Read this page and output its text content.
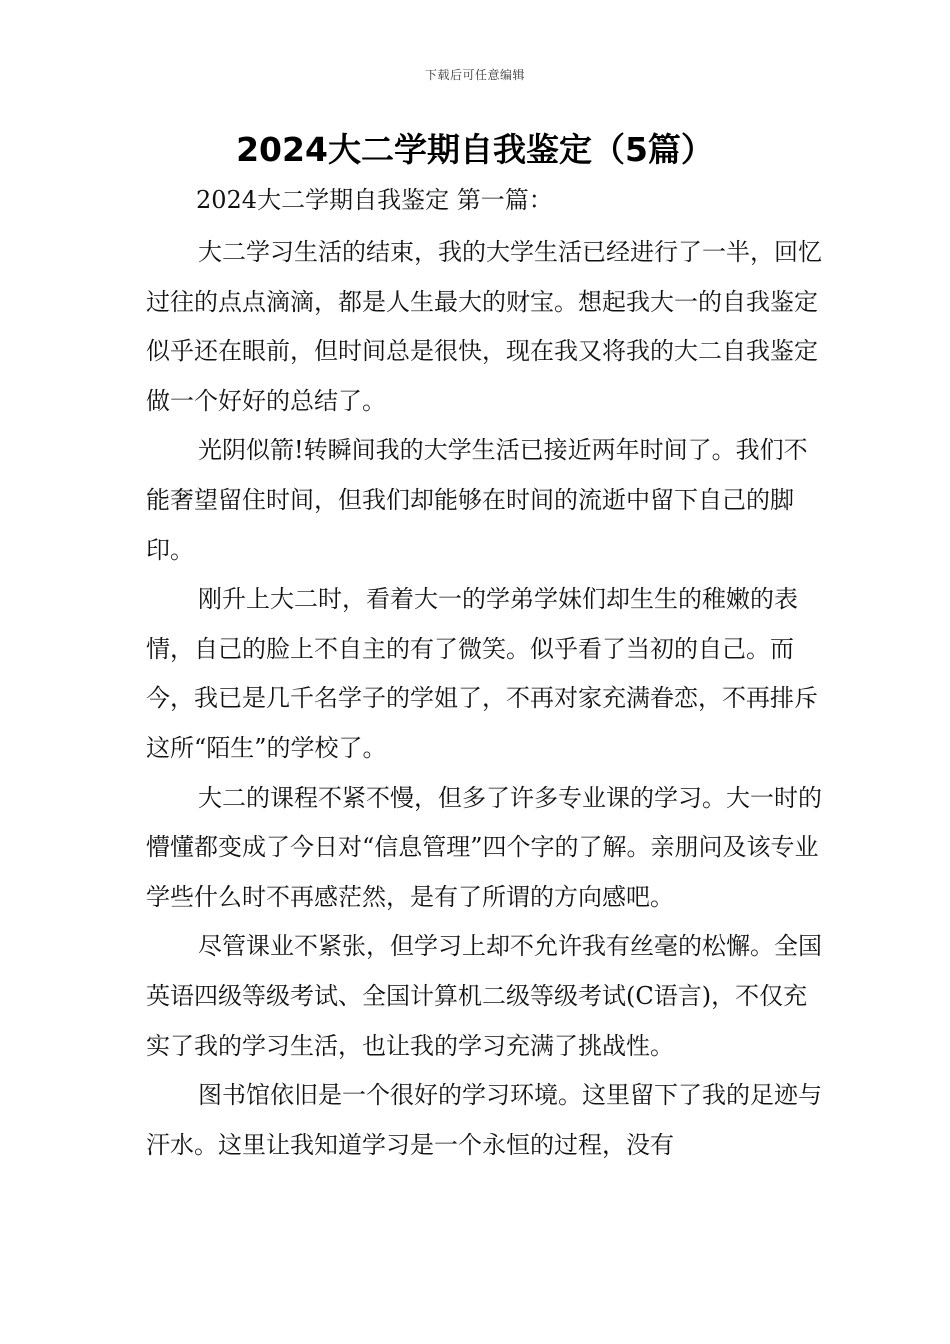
下载后可任意编辑
2024大二学期自我鉴定（5篇）
2024大二学期自我鉴定 第一篇：

大二学习生活的结束，我的大学生活已经进行了一半，回忆过往的点点滴滴，都是人生最大的财宝。想起我大一的自我鉴定似乎还在眼前，但时间总是很快，现在我又将我的大二自我鉴定做一个好好的总结了。

光阴似箭!转瞬间我的大学生活已接近两年时间了。我们不能奢望留住时间，但我们却能够在时间的流逝中留下自己的脚印。

刚升上大二时，看着大一的学弟学妹们却生生的稚嫩的表情，自己的脸上不自主的有了微笑。似乎看了当初的自己。而今，我已是几千名学子的学姐了，不再对家充满眷恋，不再排斥这所“陌生”的学校了。

大二的课程不紧不慢，但多了许多专业课的学习。大一时的懵懂都变成了今日对“信息管理”四个字的了解。亲朋问及该专业学些什么时不再感茫然，是有了所谓的方向感吧。

尽管课业不紧张，但学习上却不允许我有丝毫的松懈。全国英语四级等级考试、全国计算机二级等级考试(C语言)，不仅充实了我的学习生活，也让我的学习充满了挑战性。

图书馆依旧是一个很好的学习环境。这里留下了我的足迹与汗水。这里让我知道学习是一个永恒的过程，没有
